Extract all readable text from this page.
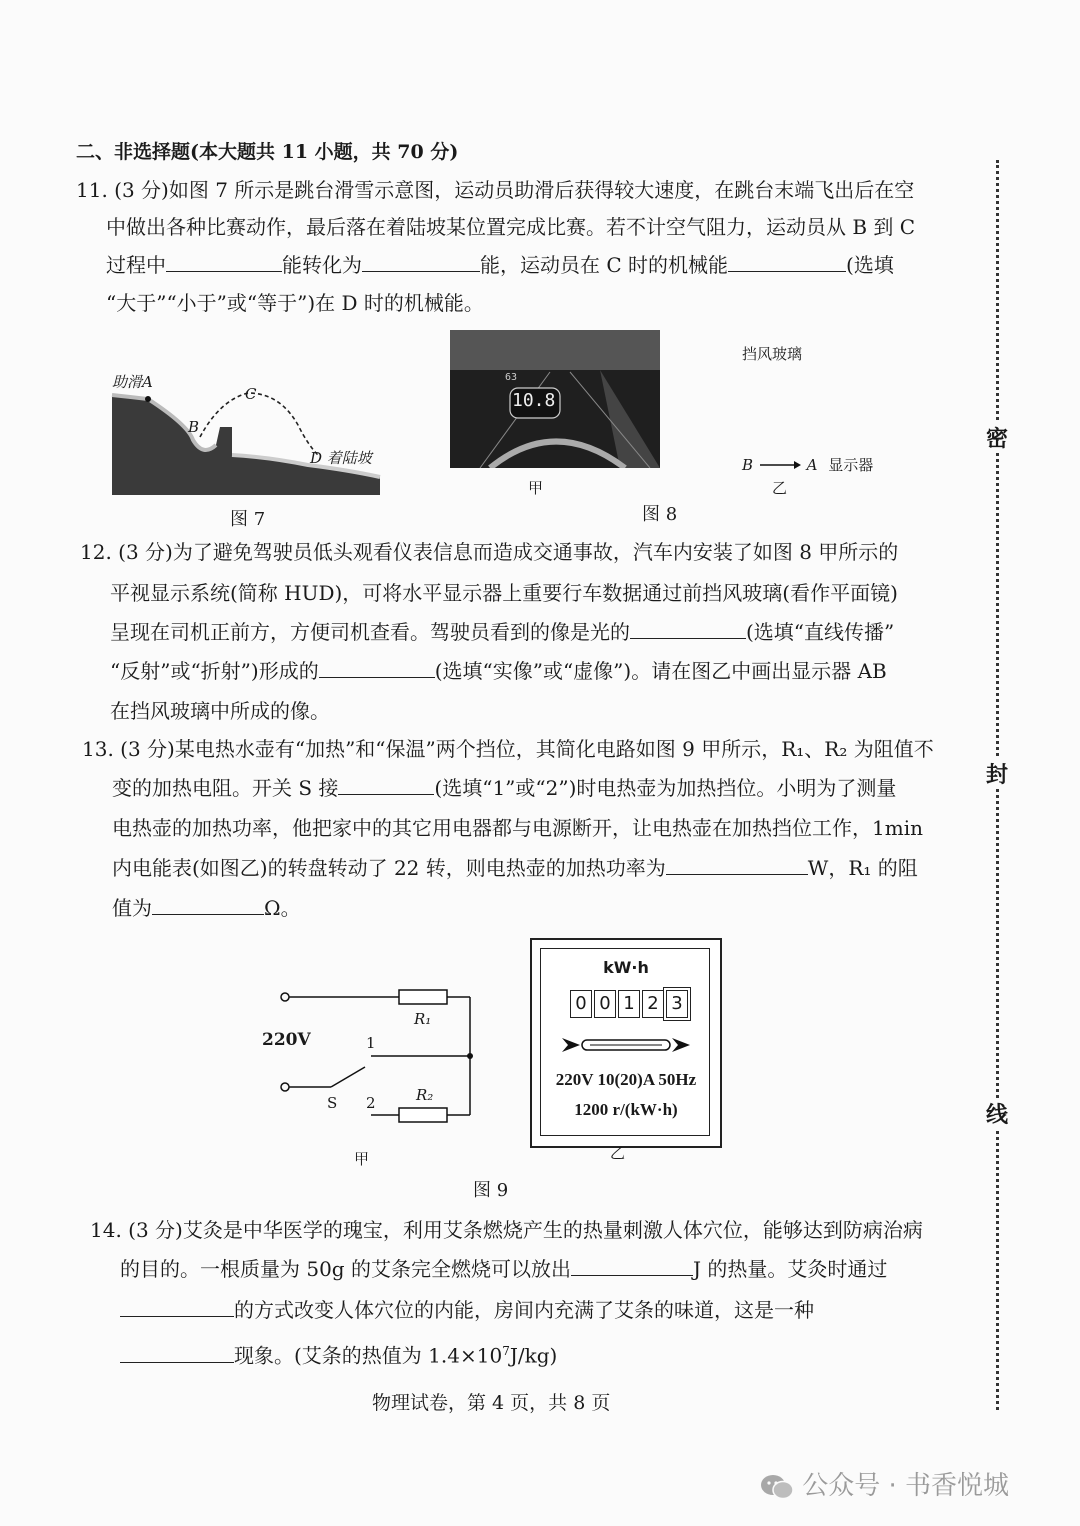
二、非选择题(本大题共 11 小题，共 70 分)
11. (3 分)如图 7 所示是跳台滑雪示意图，运动员助滑后获得较大速度，在跳台末端飞出后在空
中做出各种比赛动作，最后落在着陆坡某位置完成比赛。若不计空气阻力，运动员从 B 到 C
过程中	能转化为	能，运动员在 C 时的机械能	(选填
“大于”“小于”或“等于”)在 D 时的机械能。
助滑A
B
C
D 着陆坡
图 7
10.8
63
甲
挡风玻璃
B	A 显示器
乙
图 8
12. (3 分)为了避免驾驶员低头观看仪表信息而造成交通事故，汽车内安装了如图 8 甲所示的
平视显示系统(简称 HUD)，可将水平显示器上重要行车数据通过前挡风玻璃(看作平面镜)
呈现在司机正前方，方便司机查看。驾驶员看到的像是光的	(选填“直线传播”
“反射”或“折射”)形成的	(选填“实像”或“虚像”)。请在图乙中画出显示器 AB
在挡风玻璃中所成的像。
13. (3 分)某电热水壶有“加热”和“保温”两个挡位，其简化电路如图 9 甲所示，R₁、R₂ 为阻值不
变的加热电阻。开关 S 接	(选填“1”或“2”)时电热壶为加热挡位。小明为了测量
电热壶的加热功率，他把家中的其它用电器都与电源断开，让电热壶在加热挡位工作，1min
内电能表(如图乙)的转盘转动了 22 转，则电热壶的加热功率为	W，R₁ 的阻
值为	Ω。
220V
R₁
R₂
1
2
S
甲
kW·h
0 0 1 2 3
220V 10(20)A 50Hz
1200 r/(kW·h)
乙
图 9
14. (3 分)艾灸是中华医学的瑰宝，利用艾条燃烧产生的热量刺激人体穴位，能够达到防病治病
的目的。一根质量为 50g 的艾条完全燃烧可以放出	J 的热量。艾灸时通过
的方式改变人体穴位的内能，房间内充满了艾条的味道，这是一种
现象。(艾条的热值为 $1.4\times 10^7J/kg$)
物理试卷，第 4 页，共 8 页
密
封
线
公众号 · 书香悦城
